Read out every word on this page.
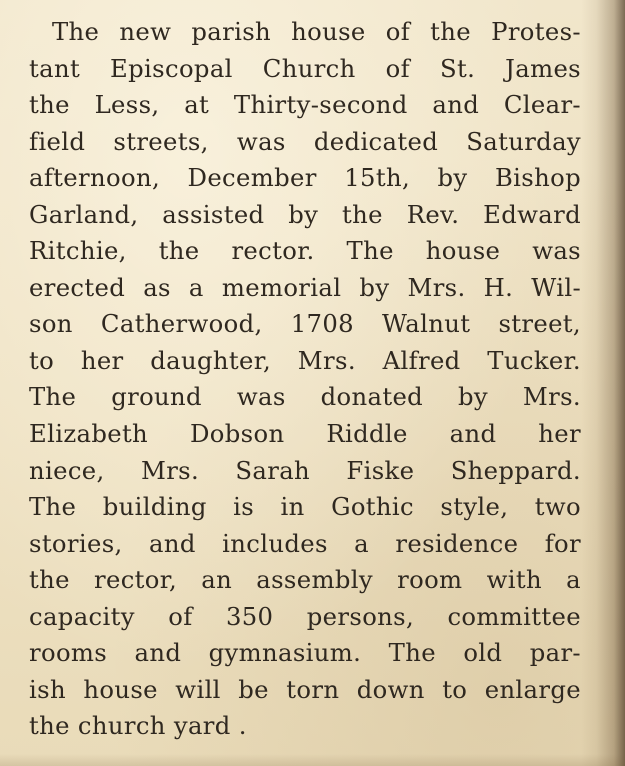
The new parish house of the Protes-
tant Episcopal Church of St. James
the Less, at Thirty-second and Clear-
field streets, was dedicated Saturday
afternoon, December 15th, by Bishop
Garland, assisted by the Rev. Edward
Ritchie, the rector. The house was
erected as a memorial by Mrs. H. Wil-
son Catherwood, 1708 Walnut street,
to her daughter, Mrs. Alfred Tucker.
The ground was donated by Mrs.
Elizabeth Dobson Riddle and her
niece, Mrs. Sarah Fiske Sheppard.
The building is in Gothic style, two
stories, and includes a residence for
the rector, an assembly room with a
capacity of 350 persons, committee
rooms and gymnasium. The old par-
ish house will be torn down to enlarge
the church yard .
